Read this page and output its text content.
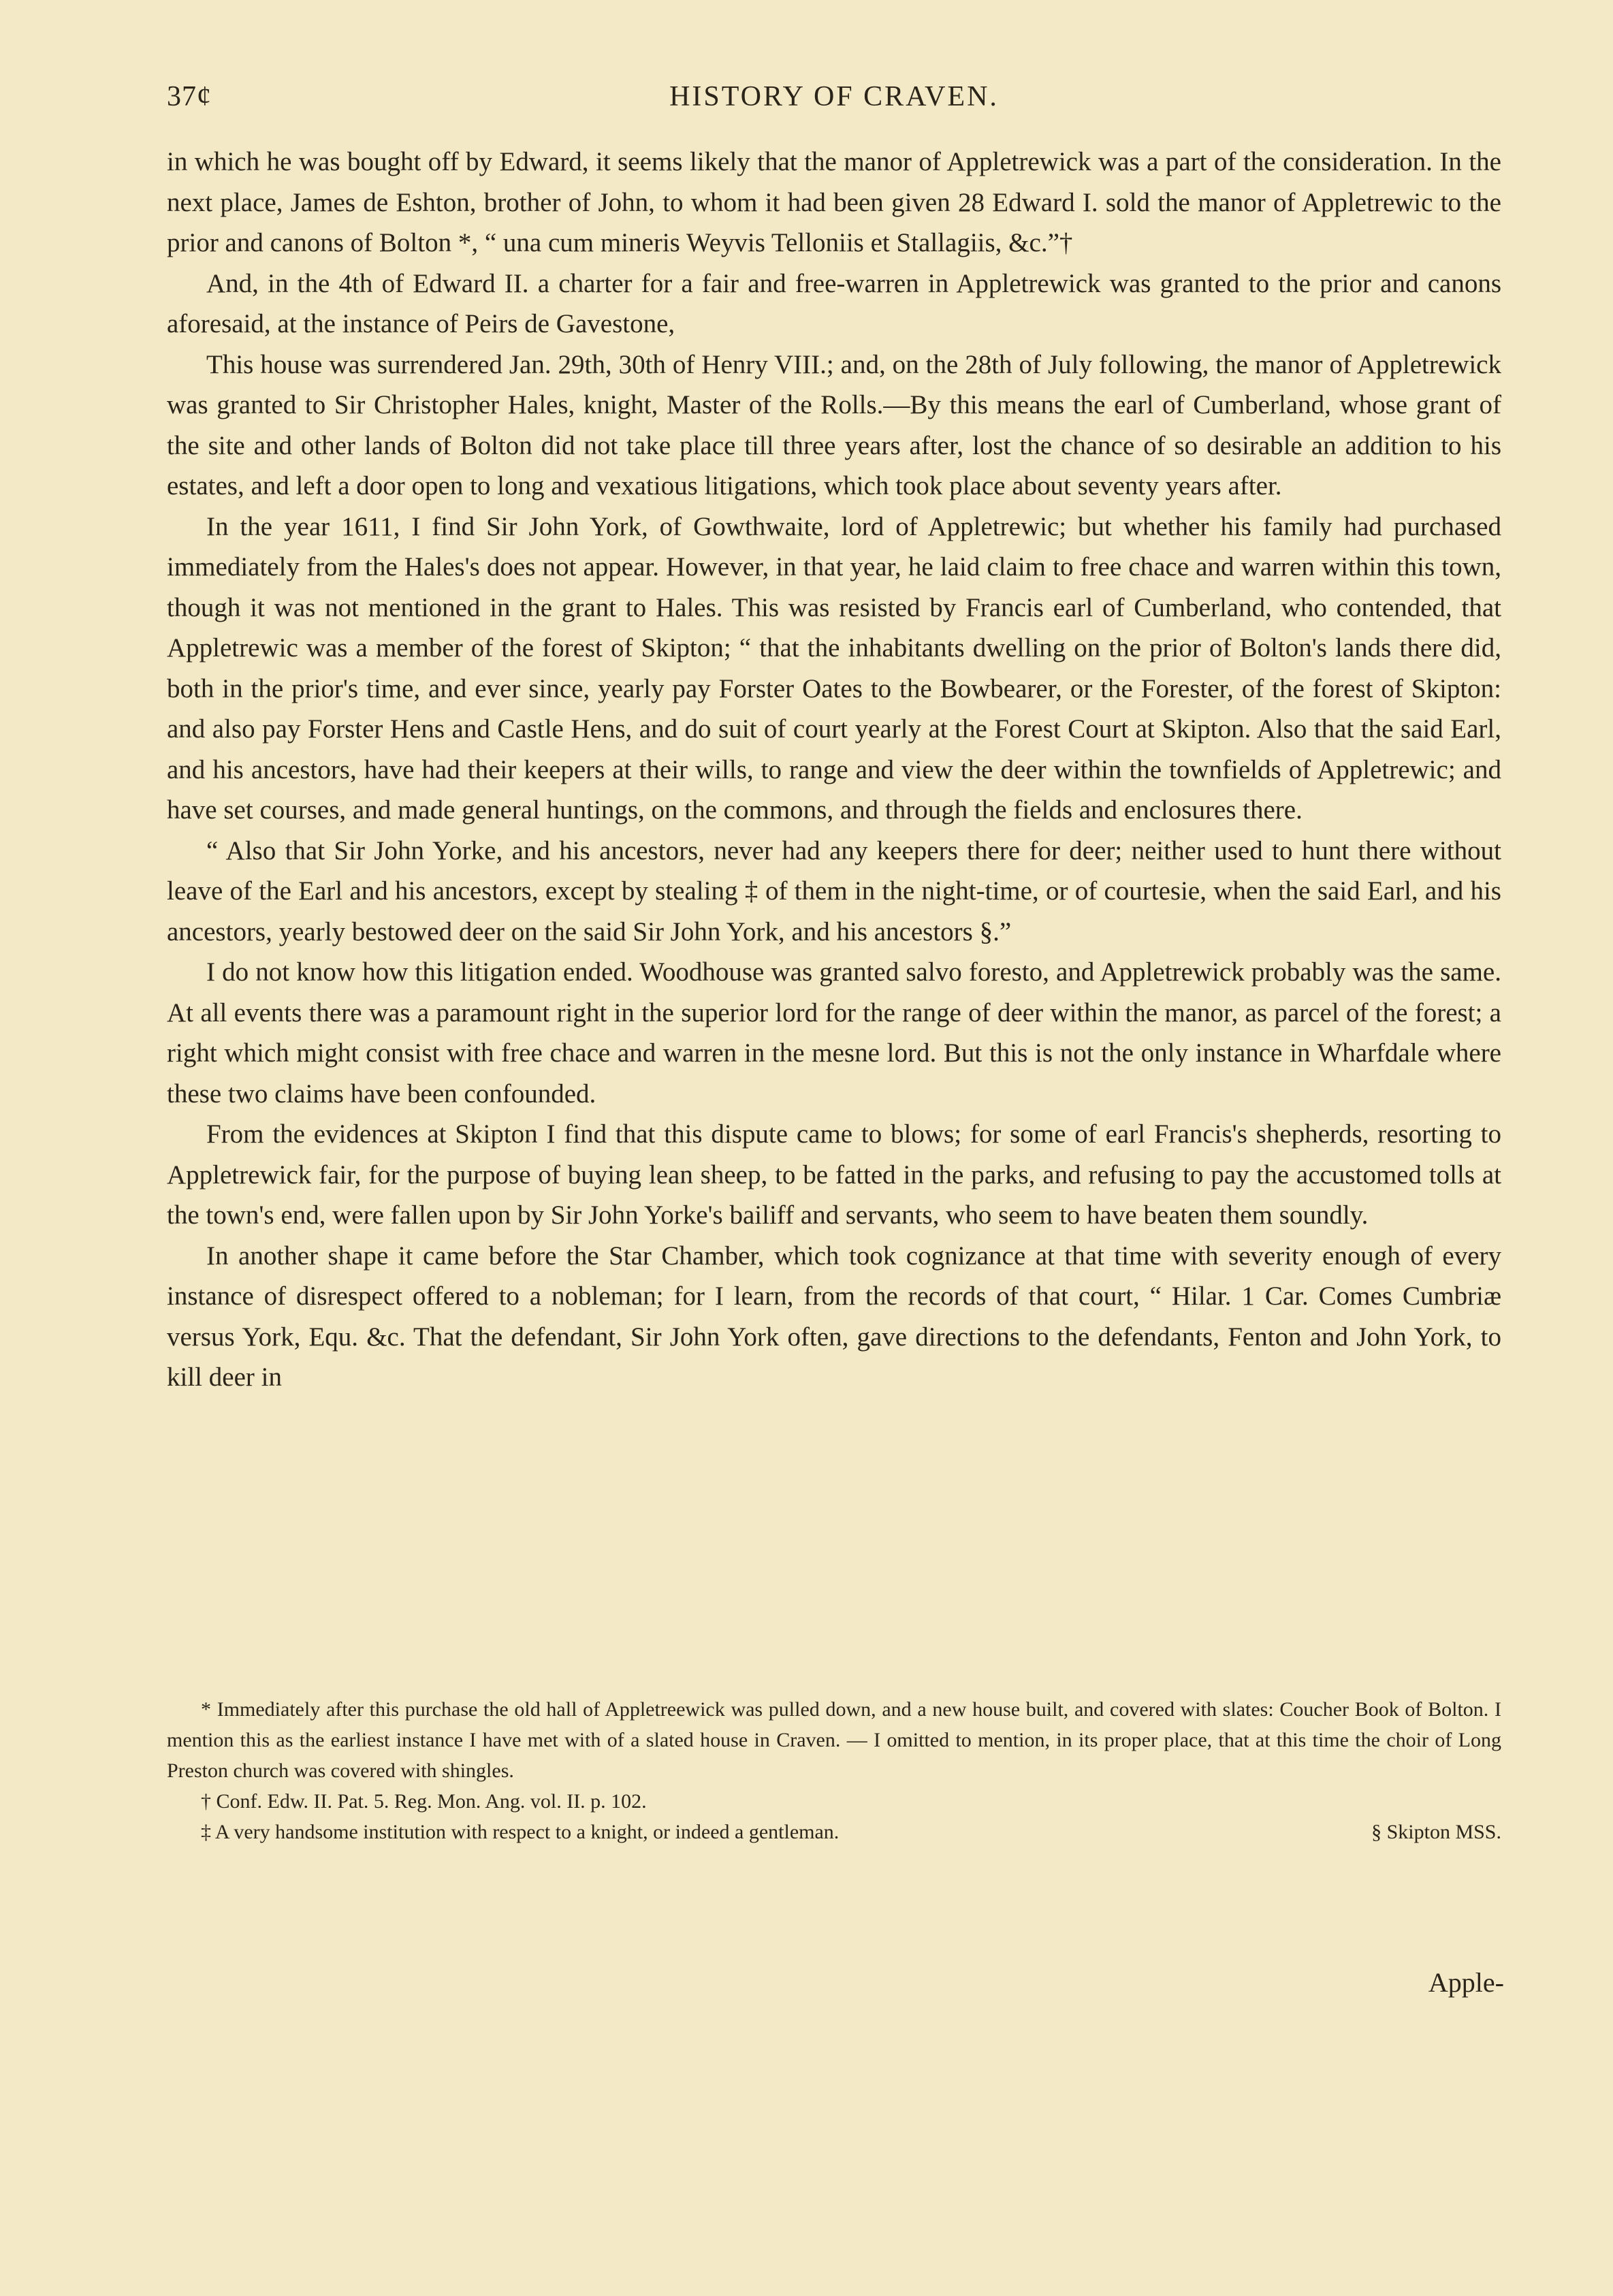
37¢	HISTORY OF CRAVEN.

in which he was bought off by Edward, it seems likely that the manor of Appletrewick was a part of the consideration. In the next place, James de Eshton, brother of John, to whom it had been given 28 Edward I. sold the manor of Appletrewic to the prior and canons of Bolton *, “ una cum mineris Weyvis Telloniis et Stallagiis, &c.”†

And, in the 4th of Edward II. a charter for a fair and free-warren in Appletrewick was granted to the prior and canons aforesaid, at the instance of Peirs de Gavestone,

This house was surrendered Jan. 29th, 30th of Henry VIII.; and, on the 28th of July following, the manor of Appletrewick was granted to Sir Christopher Hales, knight, Master of the Rolls.—By this means the earl of Cumberland, whose grant of the site and other lands of Bolton did not take place till three years after, lost the chance of so desirable an addition to his estates, and left a door open to long and vexatious litigations, which took place about seventy years after.

In the year 1611, I find Sir John York, of Gowthwaite, lord of Appletrewic; but whether his family had purchased immediately from the Hales's does not appear. However, in that year, he laid claim to free chace and warren within this town, though it was not mentioned in the grant to Hales. This was resisted by Francis earl of Cumberland, who contended, that Appletrewic was a member of the forest of Skipton; “ that the inhabitants dwelling on the prior of Bolton's lands there did, both in the prior's time, and ever since, yearly pay Forster Oates to the Bowbearer, or the Forester, of the forest of Skipton: and also pay Forster Hens and Castle Hens, and do suit of court yearly at the Forest Court at Skipton. Also that the said Earl, and his ancestors, have had their keepers at their wills, to range and view the deer within the townfields of Appletrewic; and have set courses, and made general huntings, on the commons, and through the fields and enclosures there.

“ Also that Sir John Yorke, and his ancestors, never had any keepers there for deer; neither used to hunt there without leave of the Earl and his ancestors, except by stealing ‡ of them in the night-time, or of courtesie, when the said Earl, and his ancestors, yearly bestowed deer on the said Sir John York, and his ancestors §.”

I do not know how this litigation ended. Woodhouse was granted salvo foresto, and Appletrewick probably was the same. At all events there was a paramount right in the superior lord for the range of deer within the manor, as parcel of the forest; a right which might consist with free chace and warren in the mesne lord. But this is not the only instance in Wharfdale where these two claims have been confounded.

From the evidences at Skipton I find that this dispute came to blows; for some of earl Francis's shepherds, resorting to Appletrewick fair, for the purpose of buying lean sheep, to be fatted in the parks, and refusing to pay the accustomed tolls at the town's end, were fallen upon by Sir John Yorke's bailiff and servants, who seem to have beaten them soundly.

In another shape it came before the Star Chamber, which took cognizance at that time with severity enough of every instance of disrespect offered to a nobleman; for I learn, from the records of that court, “ Hilar. 1 Car. Comes Cumbriæ versus York, Equ. &c. That the defendant, Sir John York often, gave directions to the defendants, Fenton and John York, to kill deer in

* Immediately after this purchase the old hall of Appletreewick was pulled down, and a new house built, and covered with slates: Coucher Book of Bolton. I mention this as the earliest instance I have met with of a slated house in Craven. — I omitted to mention, in its proper place, that at this time the choir of Long Preston church was covered with shingles.

† Conf. Edw. II. Pat. 5. Reg. Mon. Ang. vol. II. p. 102.

‡ A very handsome institution with respect to a knight, or indeed a gentleman.	§ Skipton MSS.
Apple-
